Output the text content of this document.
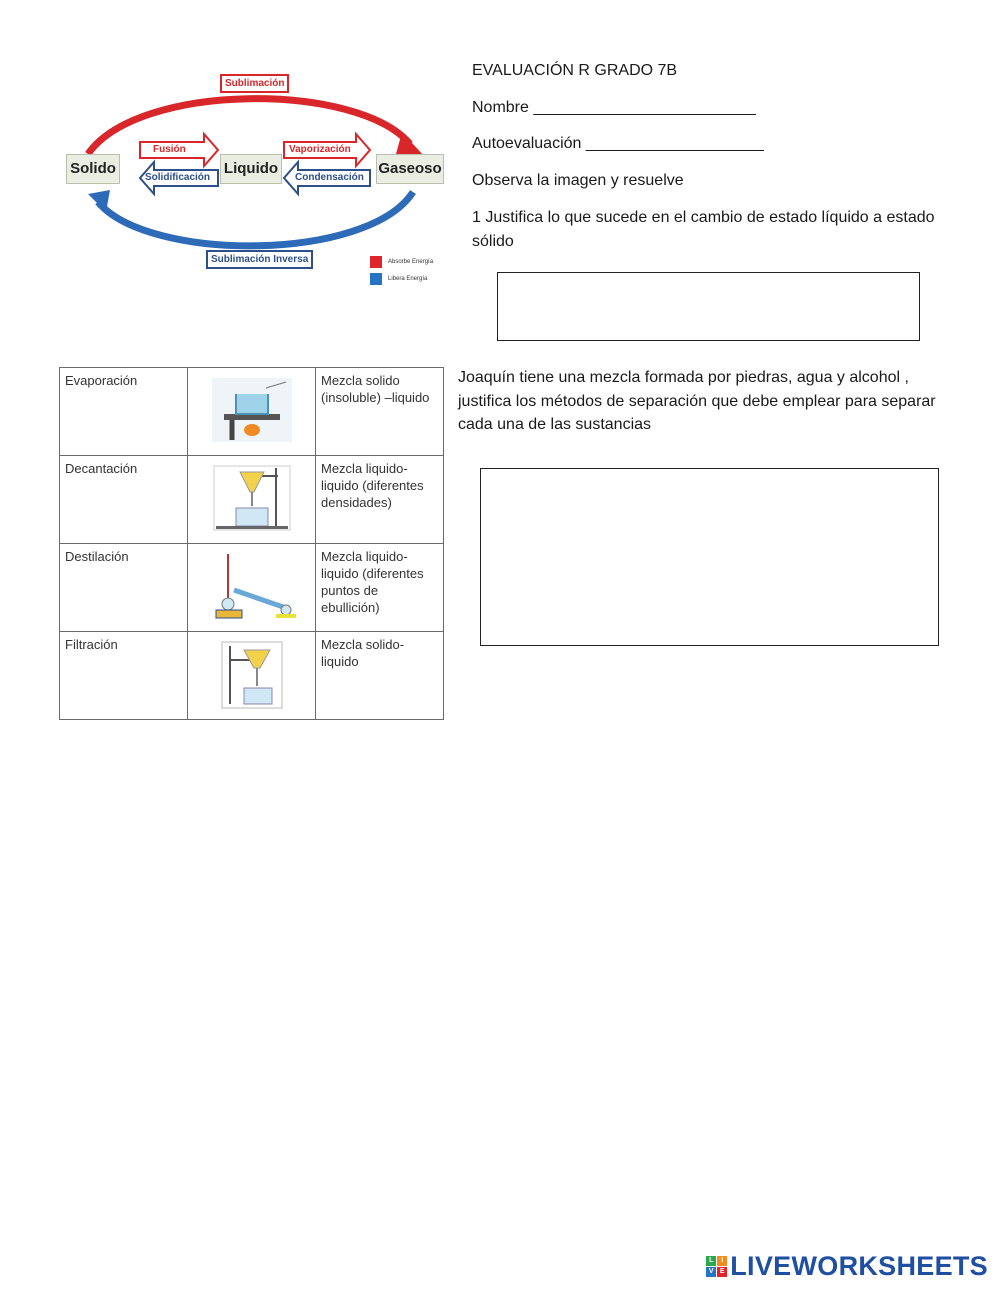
Sublimación
Fusión
Solidificación
Vaporización
Condensación
Sublimación Inversa
Solido	Liquido	Gaseoso
Absorbe Energía
Libera Energía
EVALUACIÓN R GRADO 7B
Nombre _________________________
Autoevaluación ____________________
Observa la imagen y resuelve
1 Justifica lo que sucede en el cambio de estado líquido a estado sólido
Joaquín tiene una mezcla formada por piedras, agua y alcohol , justifica los métodos de separación que debe emplear para separar cada una de las sustancias
Evaporación		Mezcla solido (insoluble) –liquido
Decantación		Mezcla liquido-liquido (diferentes densidades)
Destilación		Mezcla liquido-liquido (diferentes puntos de ebullición)
Filtración		Mezcla solido-liquido
L	I
V E LIVEWORKSHEETS
